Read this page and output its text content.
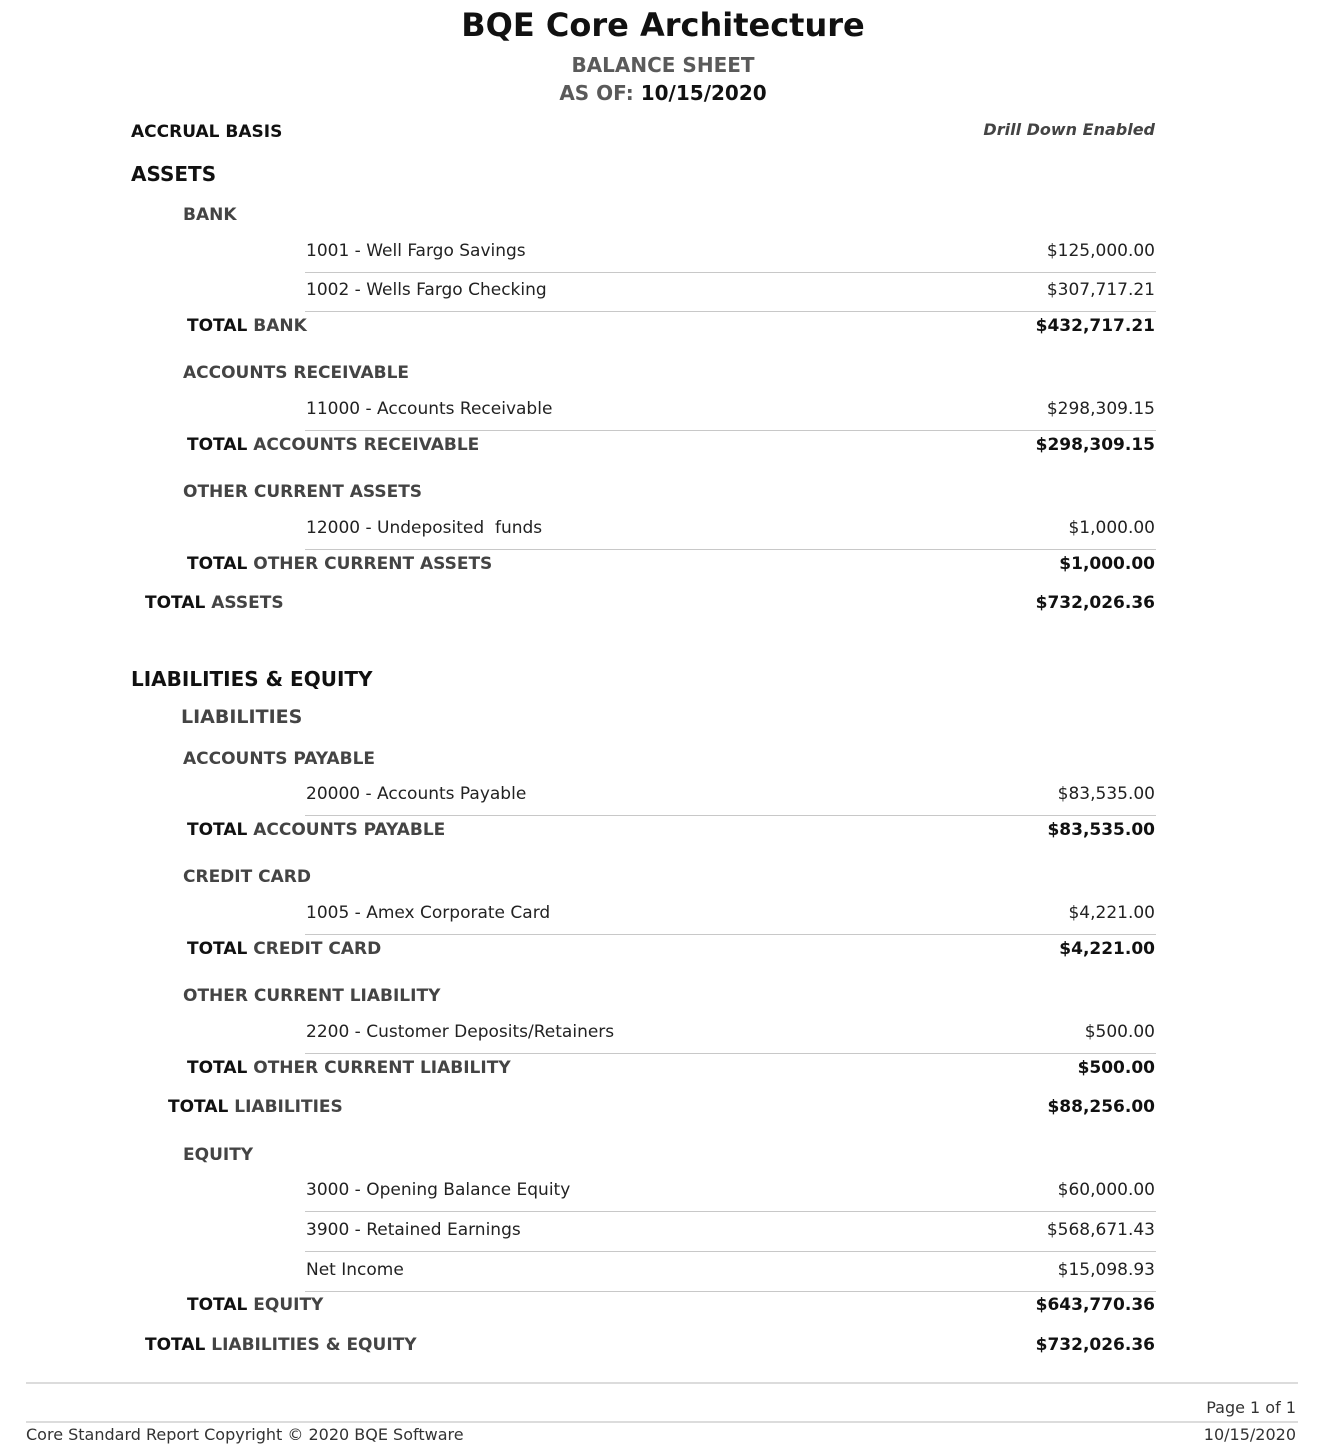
BQE Core Architecture
BALANCE SHEET
AS OF: 10/15/2020
ACCRUAL BASIS	Drill Down Enabled
ASSETS
BANK
1001 - Well Fargo Savings	$125,000.00
1002 - Wells Fargo Checking	$307,717.21
TOTAL BANK	$432,717.21
ACCOUNTS RECEIVABLE
11000 - Accounts Receivable	$298,309.15
TOTAL ACCOUNTS RECEIVABLE	$298,309.15
OTHER CURRENT ASSETS
12000 - Undeposited  funds	$1,000.00
TOTAL OTHER CURRENT ASSETS	$1,000.00
TOTAL ASSETS	$732,026.36
LIABILITIES & EQUITY
LIABILITIES
ACCOUNTS PAYABLE
20000 - Accounts Payable	$83,535.00
TOTAL ACCOUNTS PAYABLE	$83,535.00
CREDIT CARD
1005 - Amex Corporate Card	$4,221.00
TOTAL CREDIT CARD	$4,221.00
OTHER CURRENT LIABILITY
2200 - Customer Deposits/Retainers	$500.00
TOTAL OTHER CURRENT LIABILITY	$500.00
TOTAL LIABILITIES	$88,256.00
EQUITY
3000 - Opening Balance Equity	$60,000.00
3900 - Retained Earnings	$568,671.43
Net Income	$15,098.93
TOTAL EQUITY	$643,770.36
TOTAL LIABILITIES & EQUITY	$732,026.36
Page 1 of 1
Core Standard Report Copyright © 2020 BQE Software	10/15/2020
